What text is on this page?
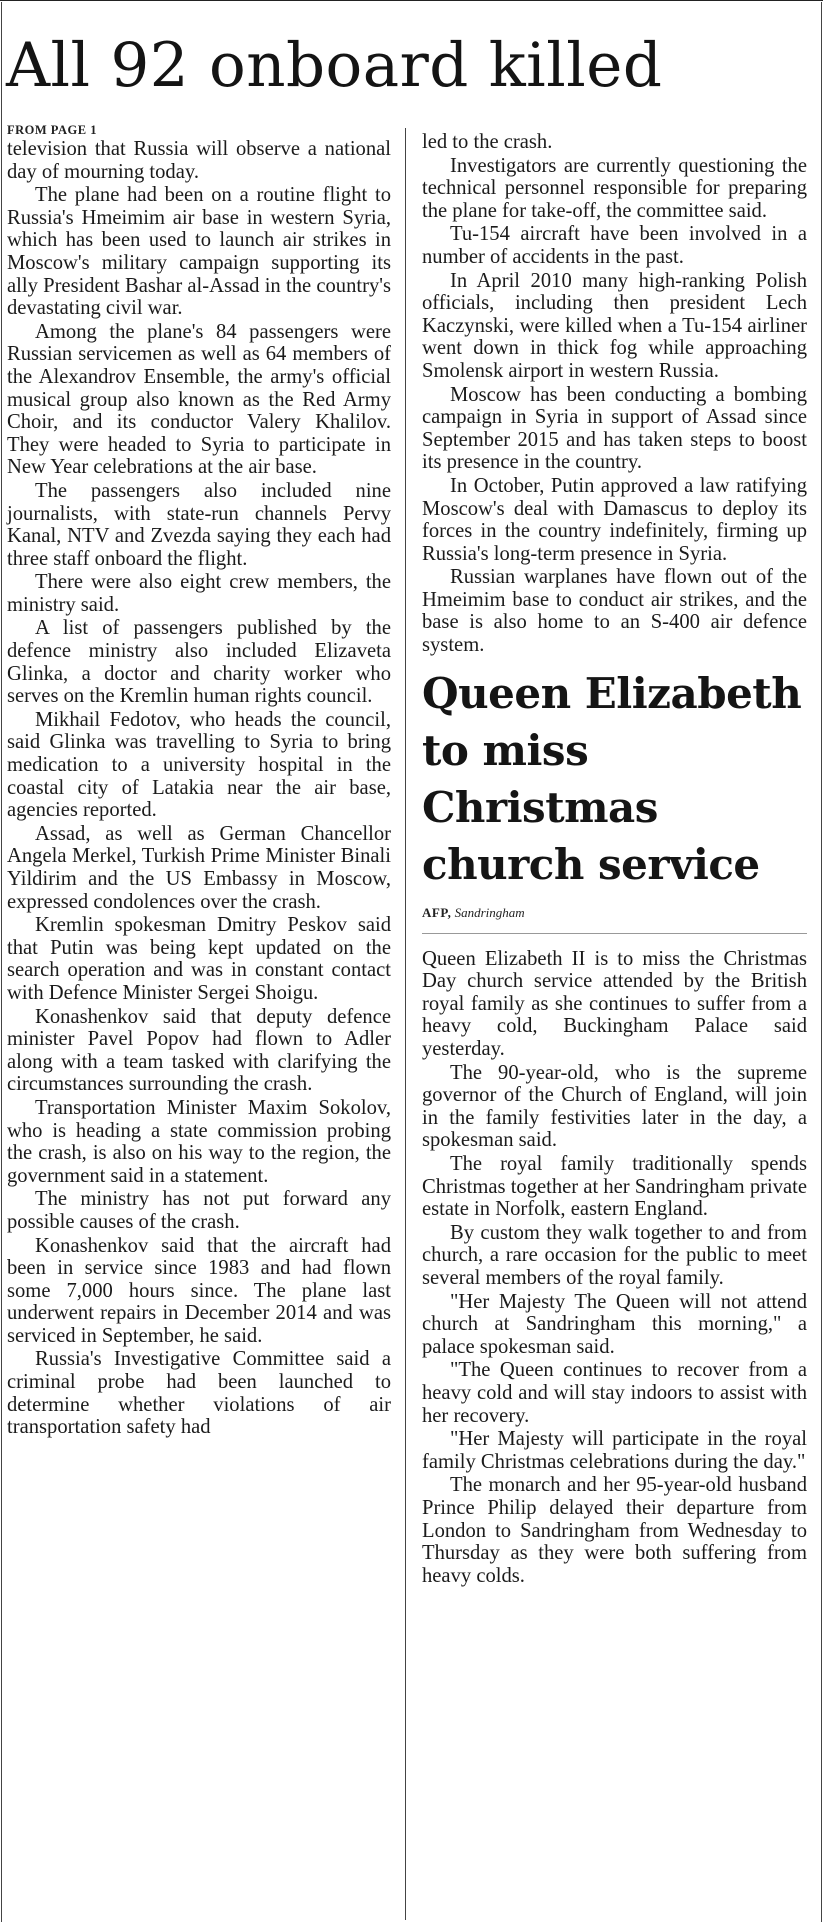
All 92 onboard killed
FROM PAGE 1

television that Russia will observe a national day of mourning today.

The plane had been on a routine flight to Russia's Hmeimim air base in western Syria, which has been used to launch air strikes in Moscow's military campaign supporting its ally President Bashar al-Assad in the country's devastating civil war.

Among the plane's 84 passengers were Russian servicemen as well as 64 members of the Alexandrov Ensemble, the army's official musical group also known as the Red Army Choir, and its conductor Valery Khalilov. They were headed to Syria to participate in New Year celebrations at the air base.

The passengers also included nine journalists, with state-run channels Pervy Kanal, NTV and Zvezda saying they each had three staff onboard the flight.

There were also eight crew members, the ministry said.

A list of passengers published by the defence ministry also included Elizaveta Glinka, a doctor and charity worker who serves on the Kremlin human rights council.

Mikhail Fedotov, who heads the council, said Glinka was travelling to Syria to bring medication to a university hospital in the coastal city of Latakia near the air base, agencies reported.

Assad, as well as German Chancellor Angela Merkel, Turkish Prime Minister Binali Yildirim and the US Embassy in Moscow, expressed condolences over the crash.

Kremlin spokesman Dmitry Peskov said that Putin was being kept updated on the search operation and was in constant contact with Defence Minister Sergei Shoigu.

Konashenkov said that deputy defence minister Pavel Popov had flown to Adler along with a team tasked with clarifying the circumstances surrounding the crash.

Transportation Minister Maxim Sokolov, who is heading a state commission probing the crash, is also on his way to the region, the government said in a statement.

The ministry has not put forward any possible causes of the crash.

Konashenkov said that the aircraft had been in service since 1983 and had flown some 7,000 hours since. The plane last underwent repairs in December 2014 and was serviced in September, he said.

Russia's Investigative Committee said a criminal probe had been launched to determine whether violations of air transportation safety had

led to the crash.

Investigators are currently questioning the technical personnel responsible for preparing the plane for take-off, the committee said.

Tu-154 aircraft have been involved in a number of accidents in the past.

In April 2010 many high-ranking Polish officials, including then president Lech Kaczynski, were killed when a Tu-154 airliner went down in thick fog while approaching Smolensk airport in western Russia.

Moscow has been conducting a bombing campaign in Syria in support of Assad since September 2015 and has taken steps to boost its presence in the country.

In October, Putin approved a law ratifying Moscow's deal with Damascus to deploy its forces in the country indefinitely, firming up Russia's long-term presence in Syria.

Russian warplanes have flown out of the Hmeimim base to conduct air strikes, and the base is also home to an S-400 air defence system.

Queen Elizabeth to miss Christmas church service
AFP, Sandringham

Queen Elizabeth II is to miss the Christmas Day church service attended by the British royal family as she continues to suffer from a heavy cold, Buckingham Palace said yesterday.

The 90-year-old, who is the supreme governor of the Church of England, will join in the family festivities later in the day, a spokesman said.

The royal family traditionally spends Christmas together at her Sandringham private estate in Norfolk, eastern England.

By custom they walk together to and from church, a rare occasion for the public to meet several members of the royal family.

"Her Majesty The Queen will not attend church at Sandringham this morning," a palace spokesman said.

"The Queen continues to recover from a heavy cold and will stay indoors to assist with her recovery.

"Her Majesty will participate in the royal family Christmas celebrations during the day."

The monarch and her 95-year-old husband Prince Philip delayed their departure from London to Sandringham from Wednesday to Thursday as they were both suffering from heavy colds.
